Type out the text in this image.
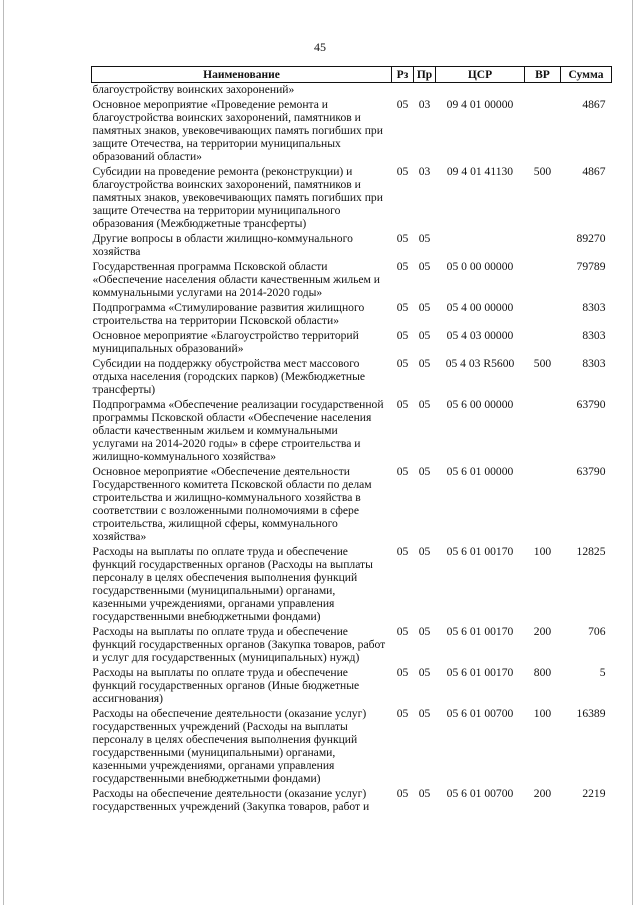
45
Наименование	Рз	Пр	ЦСР	ВР	Сумма
благоустройству воинских захоронений»					
Основное мероприятие «Проведение ремонта и благоустройства воинских захоронений, памятников и памятных знаков, увековечивающих память погибших при защите Отечества, на территории муниципальных образований области»	05	03	09 4 01 00000		4867
Субсидии на проведение ремонта (реконструкции) и благоустройства воинских захоронений, памятников и памятных знаков, увековечивающих память погибших при защите Отечества на территории муниципального образования (Межбюджетные трансферты)	05	03	09 4 01 41130	500	4867
Другие вопросы в области жилищно-коммунального хозяйства	05	05			89270
Государственная программа Псковской области «Обеспечение населения области качественным жильем и коммунальными услугами на 2014-2020 годы»	05	05	05 0 00 00000		79789
Подпрограмма «Стимулирование развития жилищного строительства на территории Псковской области»	05	05	05 4 00 00000		8303
Основное мероприятие «Благоустройство территорий муниципальных образований»	05	05	05 4 03 00000		8303
Субсидии на поддержку обустройства мест массового отдыха населения (городских парков) (Межбюджетные трансферты)	05	05	05 4 03 R5600	500	8303
Подпрограмма «Обеспечение реализации государственной программы Псковской области «Обеспечение населения области качественным жильем и коммунальными услугами на 2014-2020 годы» в сфере строительства и жилищно-коммунального хозяйства»	05	05	05 6 00 00000		63790
Основное мероприятие «Обеспечение деятельности Государственного комитета Псковской области по делам строительства и жилищно-коммунального хозяйства в соответствии с возложенными полномочиями в сфере строительства, жилищной сферы, коммунального хозяйства»	05	05	05 6 01 00000		63790
Расходы на выплаты по оплате труда и обеспечение функций государственных органов (Расходы на выплаты персоналу в целях обеспечения выполнения функций государственными (муниципальными) органами, казенными учреждениями, органами управления государственными внебюджетными фондами)	05	05	05 6 01 00170	100	12825
Расходы на выплаты по оплате труда и обеспечение функций государственных органов (Закупка товаров, работ и услуг для государственных (муниципальных) нужд)	05	05	05 6 01 00170	200	706
Расходы на выплаты по оплате труда и обеспечение функций государственных органов (Иные бюджетные ассигнования)	05	05	05 6 01 00170	800	5
Расходы на обеспечение деятельности (оказание услуг) государственных учреждений (Расходы на выплаты персоналу в целях обеспечения выполнения функций государственными (муниципальными) органами, казенными учреждениями, органами управления государственными внебюджетными фондами)	05	05	05 6 01 00700	100	16389
Расходы на обеспечение деятельности (оказание услуг) государственных учреждений (Закупка товаров, работ и	05	05	05 6 01 00700	200	2219
